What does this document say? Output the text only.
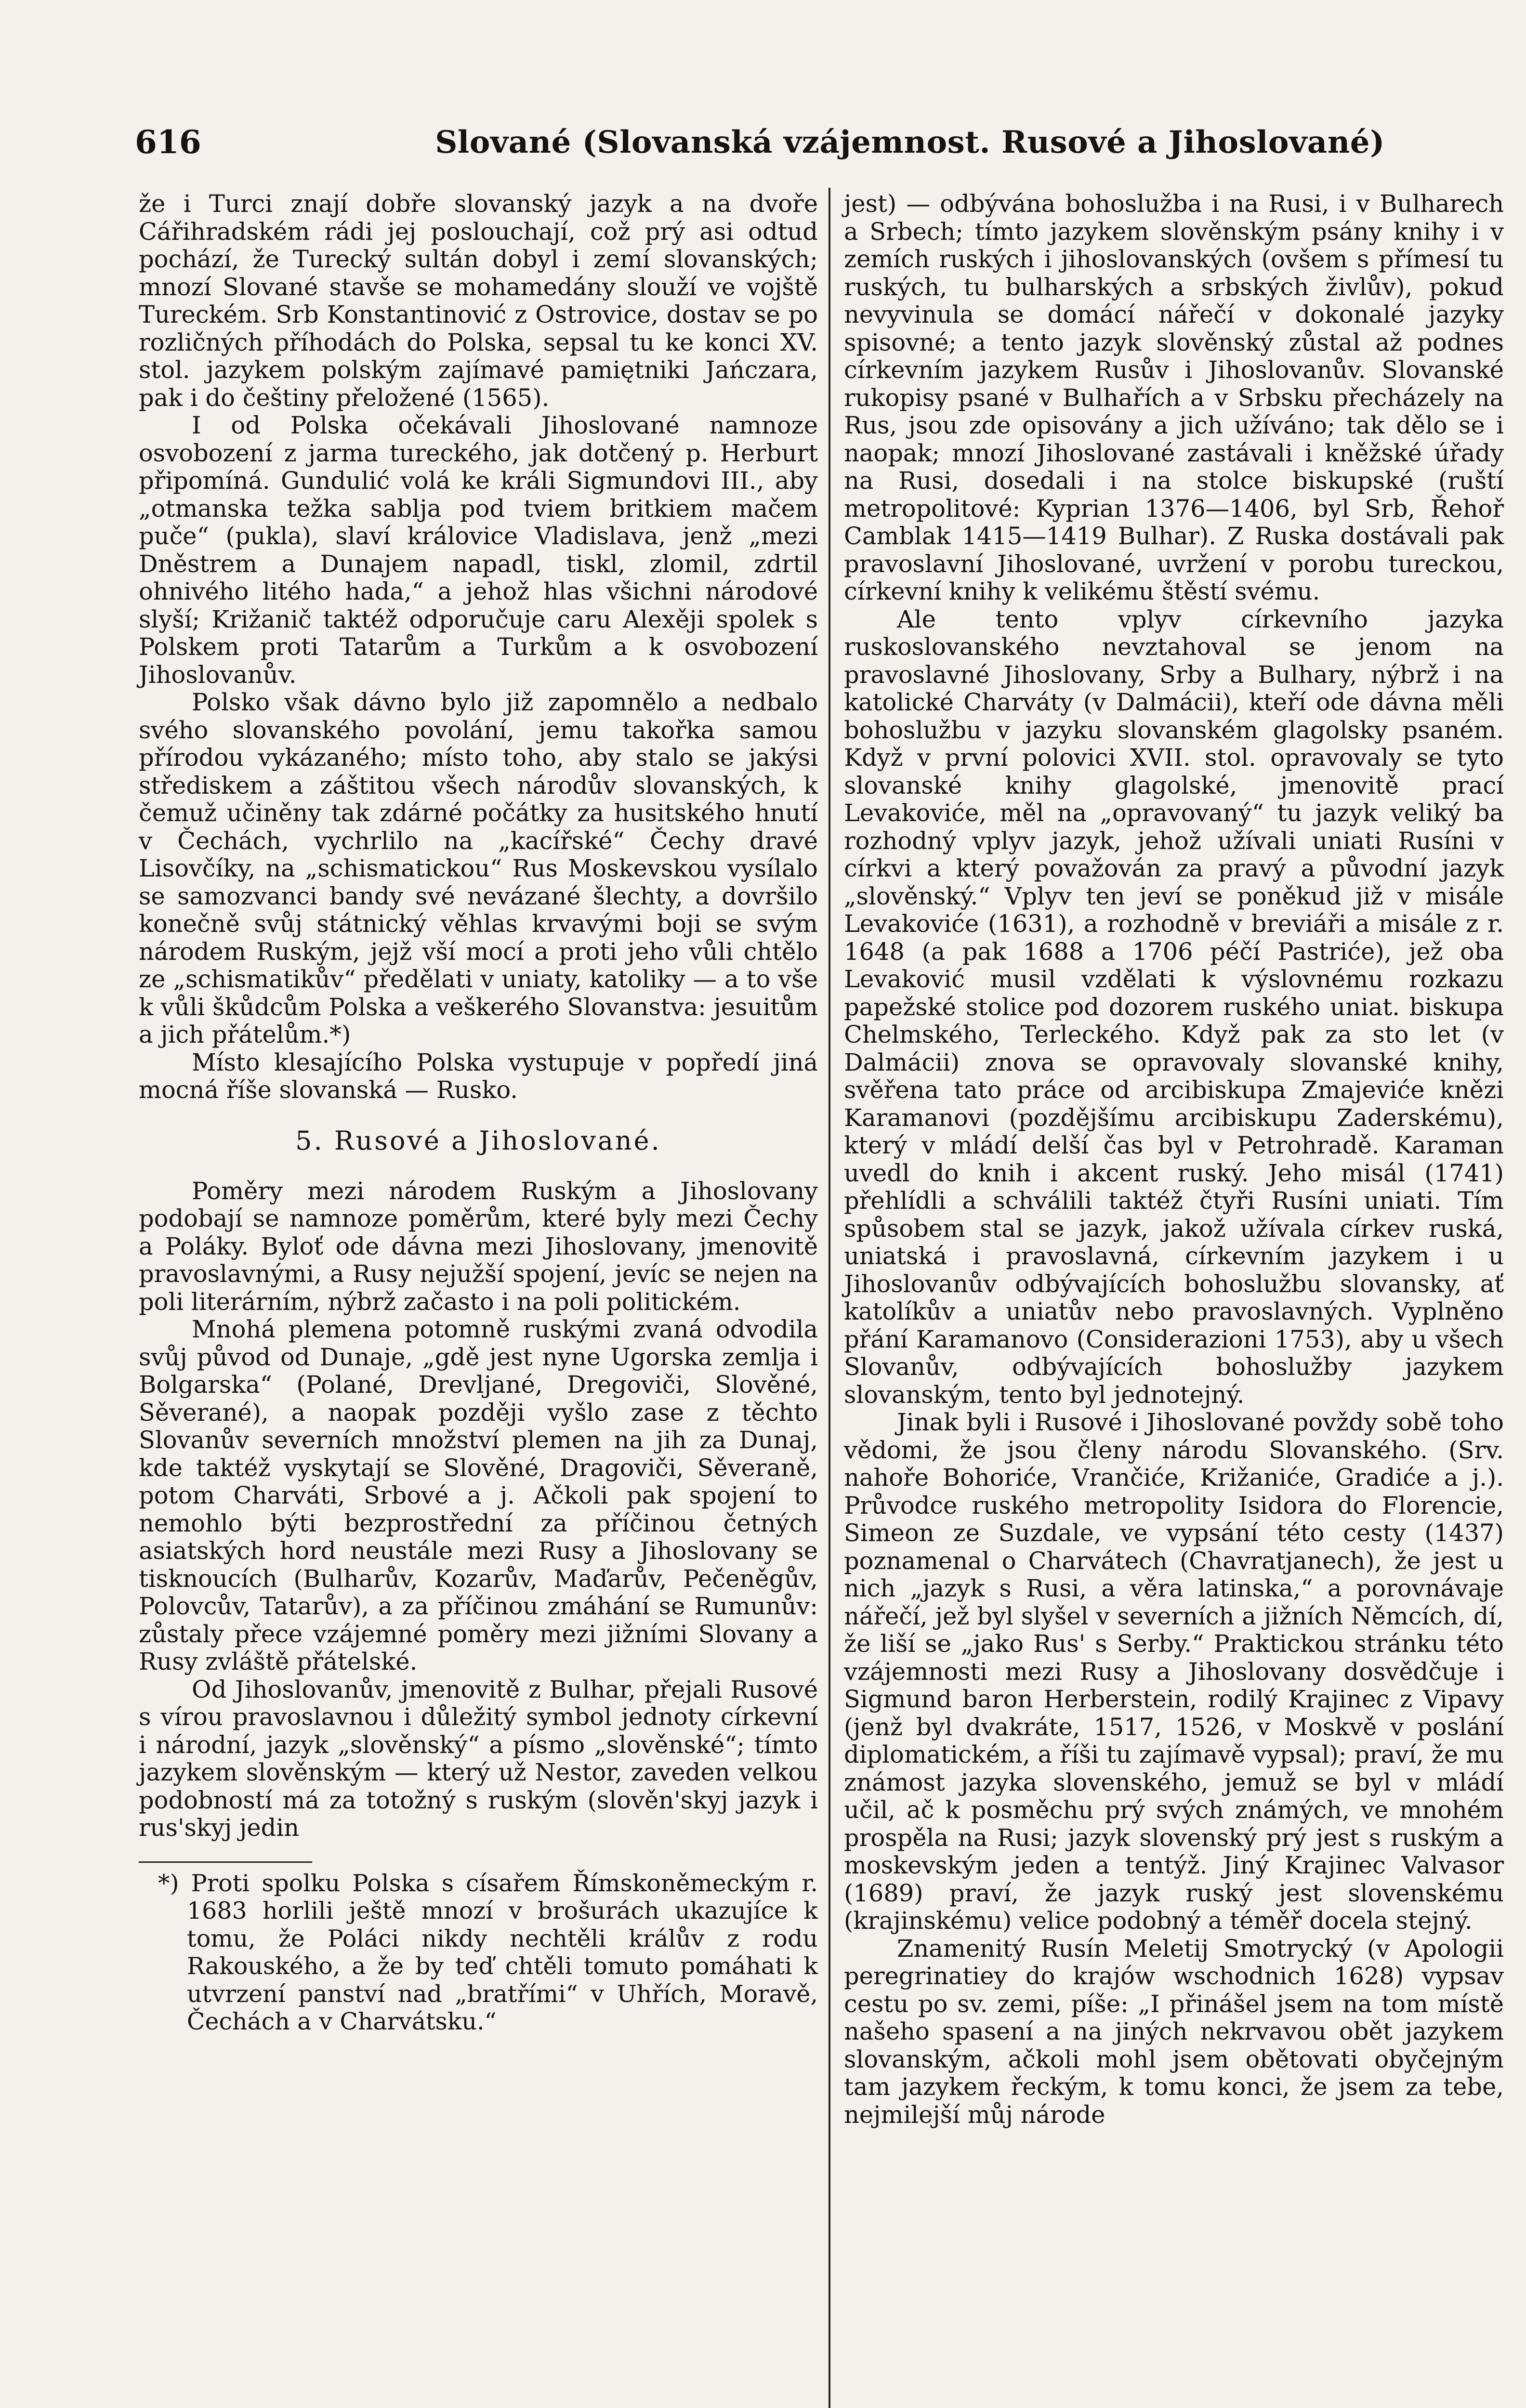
616	Slované (Slovanská vzájemnost. Rusové a Jihoslované)

že i Turci znají dobře slovanský jazyk a na dvoře Cářihradském rádi jej poslouchají, což prý asi odtud pochází, že Turecký sultán dobyl i zemí slovanských; mnozí Slované stavše se mohamedány slouží ve vojště Tureckém. Srb Konstantinović z Ostrovice, dostav se po rozličných příhodách do Polska, sepsal tu ke konci XV. stol. jazykem polským zajímavé pamiętniki Jańczara, pak i do češtiny přeložené (1565).

I od Polska očekávali Jihoslované namnoze osvobození z jarma tureckého, jak dotčený p. Herburt připomíná. Gundulić volá ke králi Sigmundovi III., aby „otmanska težka sablja pod tviem britkiem mačem puče“ (pukla), slaví královice Vladislava, jenž „mezi Dněstrem a Dunajem napadl, tiskl, zlomil, zdrtil ohnivého litého hada,“ a jehož hlas všichni národové slyší; Križanič taktéž odporučuje caru Alexěji spolek s Polskem proti Tatarům a Turkům a k osvobození Jihoslovanův.

Polsko však dávno bylo již zapomnělo a nedbalo svého slovanského povolání, jemu takořka samou přírodou vykázaného; místo toho, aby stalo se jakýsi střediskem a záštitou všech národův slovanských, k čemuž učiněny tak zdárné počátky za husitského hnutí v Čechách, vychrlilo na „kacířské“ Čechy dravé Lisovčíky, na „schismatickou“ Rus Moskevskou vysílalo se samozvanci bandy své nevázané šlechty, a dovršilo konečně svůj státnický věhlas krvavými boji se svým národem Ruským, jejž vší mocí a proti jeho vůli chtělo ze „schismatikův“ předělati v uniaty, katoliky — a to vše k vůli škůdcům Polska a veškerého Slovanstva: jesuitům a jich přátelům.*)

Místo klesajícího Polska vystupuje v popředí jiná mocná říše slovanská — Rusko.

5. Rusové a Jihoslované.

Poměry mezi národem Ruským a Jihoslovany podobají se namnoze poměrům, které byly mezi Čechy a Poláky. Byloť ode dávna mezi Jihoslovany, jmenovitě pravoslavnými, a Rusy nejužší spojení, jevíc se nejen na poli literárním, nýbrž začasto i na poli politickém.

Mnohá plemena potomně ruskými zvaná odvodila svůj původ od Dunaje, „gdě jest nyne Ugorska zemlja i Bolgarska“ (Polané, Drevljané, Dregoviči, Slověné, Sěverané), a naopak později vyšlo zase z těchto Slovanův severních množství plemen na jih za Dunaj, kde taktéž vyskytají se Slověné, Dragoviči, Sěveraně, potom Charváti, Srbové a j. Ačkoli pak spojení to nemohlo býti bezprostřední za příčinou četných asiatských hord neustále mezi Rusy a Jihoslovany se tisknoucích (Bulharův, Kozarův, Maďarův, Pečeněgův, Polovcův, Tatarův), a za příčinou zmáhání se Rumunův: zůstaly přece vzájemné poměry mezi jižními Slovany a Rusy zvláště přátelské.

Od Jihoslovanův, jmenovitě z Bulhar, přejali Rusové s vírou pravoslavnou i důležitý symbol jednoty církevní i národní, jazyk „slověnský“ a písmo „slověnské“; tímto jazykem slověnským — který už Nestor, zaveden velkou podobností má za totožný s ruským (slověn'skyj jazyk i rus'skyj jedin

*) Proti spolku Polska s císařem Římskoněmeckým r. 1683 horlili ještě mnozí v brošurách ukazujíce k tomu, že Poláci nikdy nechtěli králův z rodu Rakouského, a že by teď chtěli tomuto pomáhati k utvrzení panství nad „bratřími“ v Uhřích, Moravě, Čechách a v Charvátsku.“

jest) — odbývána bohoslužba i na Rusi, i v Bulharech a Srbech; tímto jazykem slověnským psány knihy i v zemích ruských i jihoslovanských (ovšem s přímesí tu ruských, tu bulharských a srbských živlův), pokud nevyvinula se domácí nářečí v dokonalé jazyky spisovné; a tento jazyk slověnský zůstal až podnes církevním jazykem Rusův i Jihoslovanův. Slovanské rukopisy psané v Bulhařích a v Srbsku přecházely na Rus, jsou zde opisovány a jich užíváno; tak dělo se i naopak; mnozí Jihoslované zastávali i kněžské úřady na Rusi, dosedali i na stolce biskupské (ruští metropolitové: Kyprian 1376—1406, byl Srb, Řehoř Camblak 1415—1419 Bulhar). Z Ruska dostávali pak pravoslavní Jihoslované, uvržení v porobu tureckou, církevní knihy k velikému štěstí svému.

Ale tento vplyv církevního jazyka ruskoslovanského nevztahoval se jenom na pravoslavné Jihoslovany, Srby a Bulhary, nýbrž i na katolické Charváty (v Dalmácii), kteří ode dávna měli bohoslužbu v jazyku slovanském glagolsky psaném. Když v první polovici XVII. stol. opravovaly se tyto slovanské knihy glagolské, jmenovitě prací Levakoviće, měl na „opravovaný“ tu jazyk veliký ba rozhodný vplyv jazyk, jehož užívali uniati Rusíni v církvi a který považován za pravý a původní jazyk „slověnský.“ Vplyv ten jeví se poněkud již v misále Levakoviće (1631), a rozhodně v breviáři a misále z r. 1648 (a pak 1688 a 1706 péčí Pastriće), jež oba Levaković musil vzdělati k výslovnému rozkazu papežské stolice pod dozorem ruského uniat. biskupa Chelmského, Terleckého. Když pak za sto let (v Dalmácii) znova se opravovaly slovanské knihy, svěřena tato práce od arcibiskupa Zmajeviće knězi Karamanovi (pozdějšímu arcibiskupu Zaderskému), který v mládí delší čas byl v Petrohradě. Karaman uvedl do knih i akcent ruský. Jeho misál (1741) přehlídli a schválili taktéž čtyři Rusíni uniati. Tím spůsobem stal se jazyk, jakož užívala církev ruská, uniatská i pravoslavná, církevním jazykem i u Jihoslovanův odbývajících bohoslužbu slovansky, ať katolíkův a uniatův nebo pravoslavných. Vyplněno přání Karamanovo (Considerazioni 1753), aby u všech Slovanův, odbývajících bohoslužby jazykem slovanským, tento byl jednotejný.

Jinak byli i Rusové i Jihoslované povždy sobě toho vědomi, že jsou členy národu Slovanského. (Srv. nahoře Bohoriće, Vrančiće, Križaniće, Gradiće a j.). Průvodce ruského metropolity Isidora do Florencie, Simeon ze Suzdale, ve vypsání této cesty (1437) poznamenal o Charvátech (Chavratjanech), že jest u nich „jazyk s Rusi, a věra latinska,“ a porovnávaje nářečí, jež byl slyšel v severních a jižních Němcích, dí, že liší se „jako Rus' s Serby.“ Praktickou stránku této vzájemnosti mezi Rusy a Jihoslovany dosvědčuje i Sigmund baron Herberstein, rodilý Krajinec z Vipavy (jenž byl dvakráte, 1517, 1526, v Moskvě v poslání diplomatickém, a říši tu zajímavě vypsal); praví, že mu známost jazyka slovenského, jemuž se byl v mládí učil, ač k posměchu prý svých známých, ve mnohém prospěla na Rusi; jazyk slovenský prý jest s ruským a moskevským jeden a tentýž. Jiný Krajinec Valvasor (1689) praví, že jazyk ruský jest slovenskému (krajinskému) velice podobný a téměř docela stejný.

Znamenitý Rusín Meletij Smotrycký (v Apologii peregrinatiey do krajów wschodnich 1628) vypsav cestu po sv. zemi, píše: „I přinášel jsem na tom místě našeho spasení a na jiných nekrvavou obět jazykem slovanským, ačkoli mohl jsem obětovati obyčejným tam jazykem řeckým, k tomu konci, že jsem za tebe, nejmilejší můj národe
